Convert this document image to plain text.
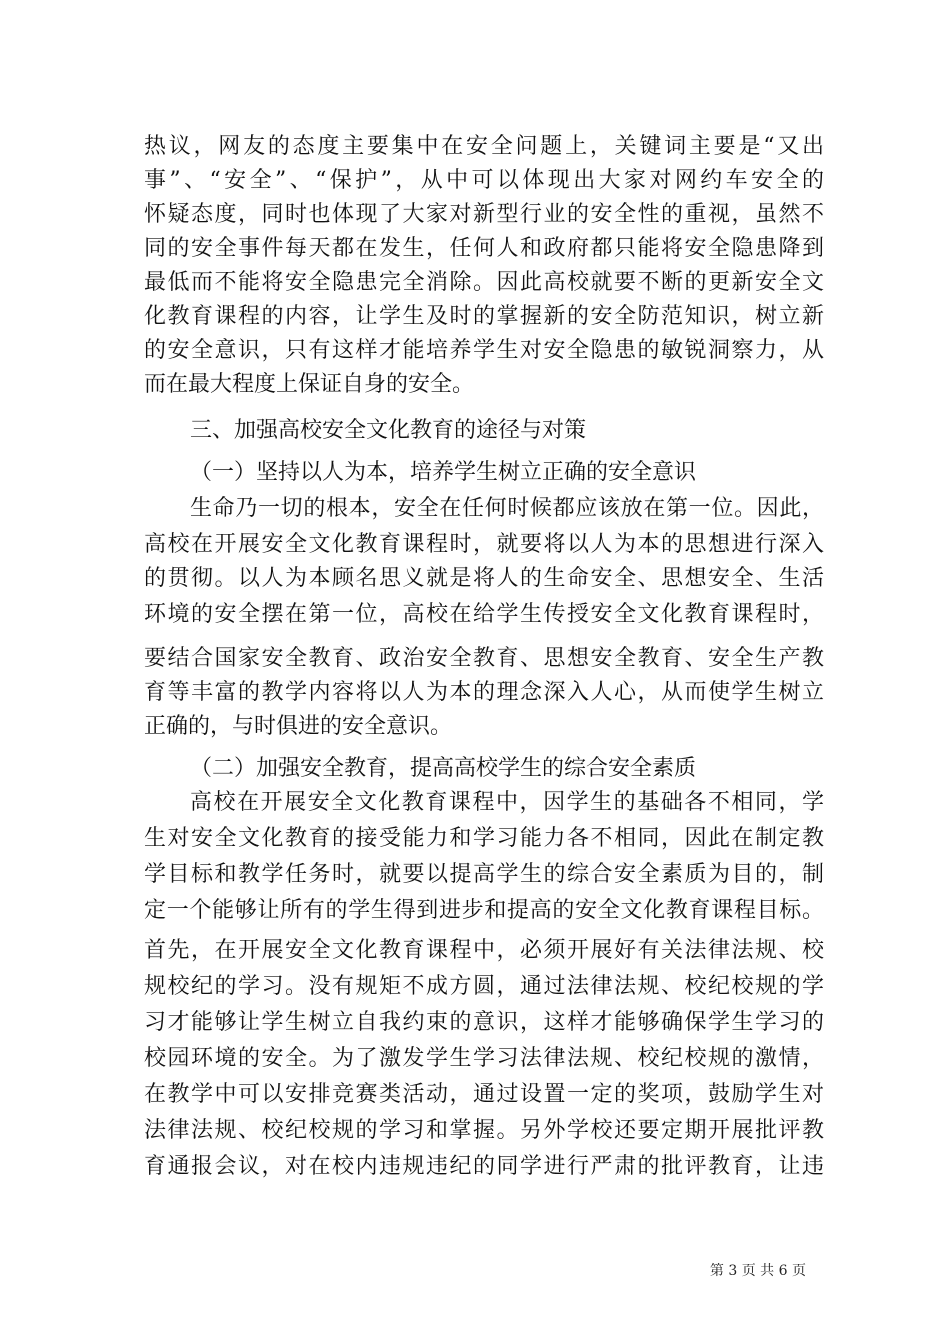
热议，网友的态度主要集中在安全问题上，关键词主要是“又出
事”、“安全”、“保护”，从中可以体现出大家对网约车安全的
怀疑态度，同时也体现了大家对新型行业的安全性的重视，虽然不
同的安全事件每天都在发生，任何人和政府都只能将安全隐患降到
最低而不能将安全隐患完全消除。因此高校就要不断的更新安全文
化教育课程的内容，让学生及时的掌握新的安全防范知识，树立新
的安全意识，只有这样才能培养学生对安全隐患的敏锐洞察力，从
而在最大程度上保证自身的安全。
三、加强高校安全文化教育的途径与对策
（一）坚持以人为本，培养学生树立正确的安全意识
生命乃一切的根本，安全在任何时候都应该放在第一位。因此，
高校在开展安全文化教育课程时，就要将以人为本的思想进行深入
的贯彻。以人为本顾名思义就是将人的生命安全、思想安全、生活
环境的安全摆在第一位，高校在给学生传授安全文化教育课程时，
要结合国家安全教育、政治安全教育、思想安全教育、安全生产教
育等丰富的教学内容将以人为本的理念深入人心，从而使学生树立
正确的，与时俱进的安全意识。
（二）加强安全教育，提高高校学生的综合安全素质
高校在开展安全文化教育课程中，因学生的基础各不相同，学
生对安全文化教育的接受能力和学习能力各不相同，因此在制定教
学目标和教学任务时，就要以提高学生的综合安全素质为目的，制
定一个能够让所有的学生得到进步和提高的安全文化教育课程目标。
首先，在开展安全文化教育课程中，必须开展好有关法律法规、校
规校纪的学习。没有规矩不成方圆，通过法律法规、校纪校规的学
习才能够让学生树立自我约束的意识，这样才能够确保学生学习的
校园环境的安全。为了激发学生学习法律法规、校纪校规的激情，
在教学中可以安排竞赛类活动，通过设置一定的奖项，鼓励学生对
法律法规、校纪校规的学习和掌握。另外学校还要定期开展批评教
育通报会议，对在校内违规违纪的同学进行严肃的批评教育，让违
第 3 页 共 6 页
